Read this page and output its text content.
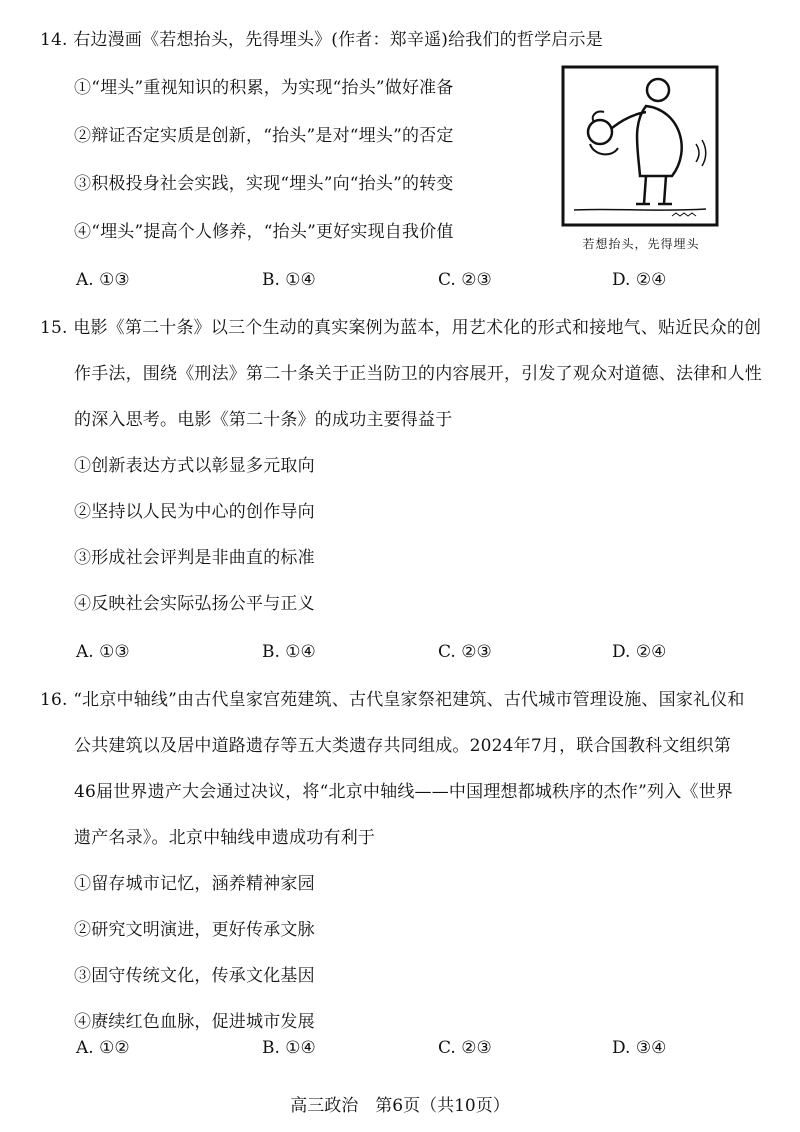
14. 右边漫画《若想抬头，先得埋头》(作者：郑辛遥)给我们的哲学启示是
①“埋头”重视知识的积累，为实现“抬头”做好准备
②辩证否定实质是创新，“抬头”是对“埋头”的否定
③积极投身社会实践，实现“埋头”向“抬头”的转变
④“埋头”提高个人修养，“抬头”更好实现自我价值
若想抬头，先得埋头
A. ①③	B. ①④	C. ②③	D. ②④
15. 电影《第二十条》以三个生动的真实案例为蓝本，用艺术化的形式和接地气、贴近民众的创
作手法，围绕《刑法》第二十条关于正当防卫的内容展开，引发了观众对道德、法律和人性
的深入思考。电影《第二十条》的成功主要得益于
①创新表达方式以彰显多元取向
②坚持以人民为中心的创作导向
③形成社会评判是非曲直的标准
④反映社会实际弘扬公平与正义
A. ①③	B. ①④	C. ②③	D. ②④
16. “北京中轴线”由古代皇家宫苑建筑、古代皇家祭祀建筑、古代城市管理设施、国家礼仪和
公共建筑以及居中道路遗存等五大类遗存共同组成。2024年7月，联合国教科文组织第
46届世界遗产大会通过决议，将“北京中轴线——中国理想都城秩序的杰作”列入《世界
遗产名录》。北京中轴线申遗成功有利于
①留存城市记忆，涵养精神家园
②研究文明演进，更好传承文脉
③固守传统文化，传承文化基因
④赓续红色血脉，促进城市发展
A. ①②	B. ①④	C. ②③	D. ③④
高三政治　第6页（共10页）
